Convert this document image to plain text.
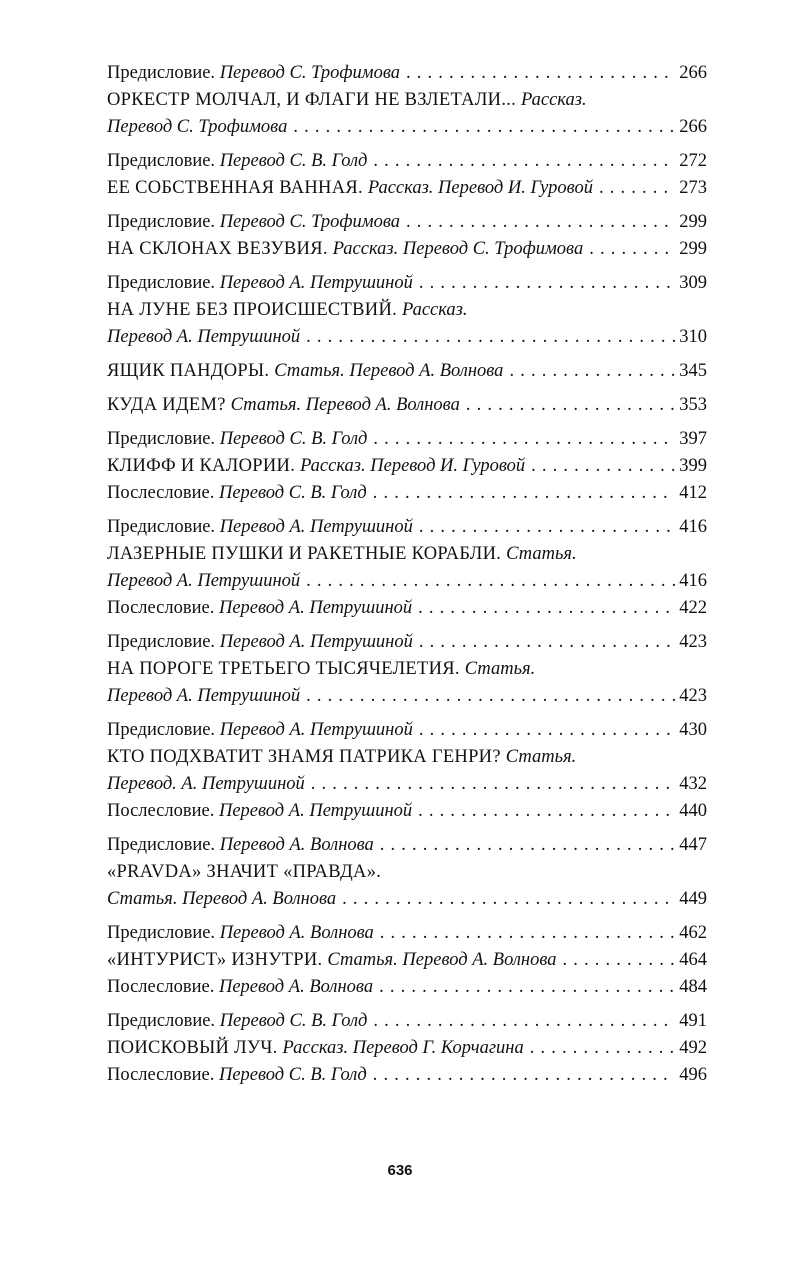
Предисловие. Перевод С. Трофимова . . .	266
ОРКЕСТР МОЛЧАЛ, И ФЛАГИ НЕ ВЗЛЕТАЛИ... Рассказ.
Перевод С. Трофимова . . .	266
Предисловие. Перевод С. В. Голд . . .	272
ЕЕ СОБСТВЕННАЯ ВАННАЯ. Рассказ. Перевод И. Гуровой . . .	273
Предисловие. Перевод С. Трофимова . . .	299
НА СКЛОНАХ ВЕЗУВИЯ. Рассказ. Перевод С. Трофимова . . .	299
Предисловие. Перевод А. Петрушиной . . .	309
НА ЛУНЕ БЕЗ ПРОИСШЕСТВИЙ. Рассказ.
Перевод А. Петрушиной . . .	310
ЯЩИК ПАНДОРЫ. Статья. Перевод А. Волнова . . .	345
КУДА ИДЕМ? Статья. Перевод А. Волнова . . .	353
Предисловие. Перевод С. В. Голд . . .	397
КЛИФФ И КАЛОРИИ. Рассказ. Перевод И. Гуровой . . .	399
Послесловие. Перевод С. В. Голд . . .	412
Предисловие. Перевод А. Петрушиной . . .	416
ЛАЗЕРНЫЕ ПУШКИ И РАКЕТНЫЕ КОРАБЛИ. Статья.
Перевод А. Петрушиной . . .	416
Послесловие. Перевод А. Петрушиной . . .	422
Предисловие. Перевод А. Петрушиной . . .	423
НА ПОРОГЕ ТРЕТЬЕГО ТЫСЯЧЕЛЕТИЯ. Статья.
Перевод А. Петрушиной . . .	423
Предисловие. Перевод А. Петрушиной . . .	430
КТО ПОДХВАТИТ ЗНАМЯ ПАТРИКА ГЕНРИ? Статья.
Перевод. А. Петрушиной . . .	432
Послесловие. Перевод А. Петрушиной . . .	440
Предисловие. Перевод А. Волнова . . .	447
«PRAVDA» ЗНАЧИТ «ПРАВДА».
Статья. Перевод А. Волнова . . .	449
Предисловие. Перевод А. Волнова . . .	462
«ИНТУРИСТ» ИЗНУТРИ. Статья. Перевод А. Волнова . . .	464
Послесловие. Перевод А. Волнова . . .	484
Предисловие. Перевод С. В. Голд . . .	491
ПОИСКОВЫЙ ЛУЧ. Рассказ. Перевод Г. Корчагина . . .	492
Послесловие. Перевод С. В. Голд . . .	496
636
